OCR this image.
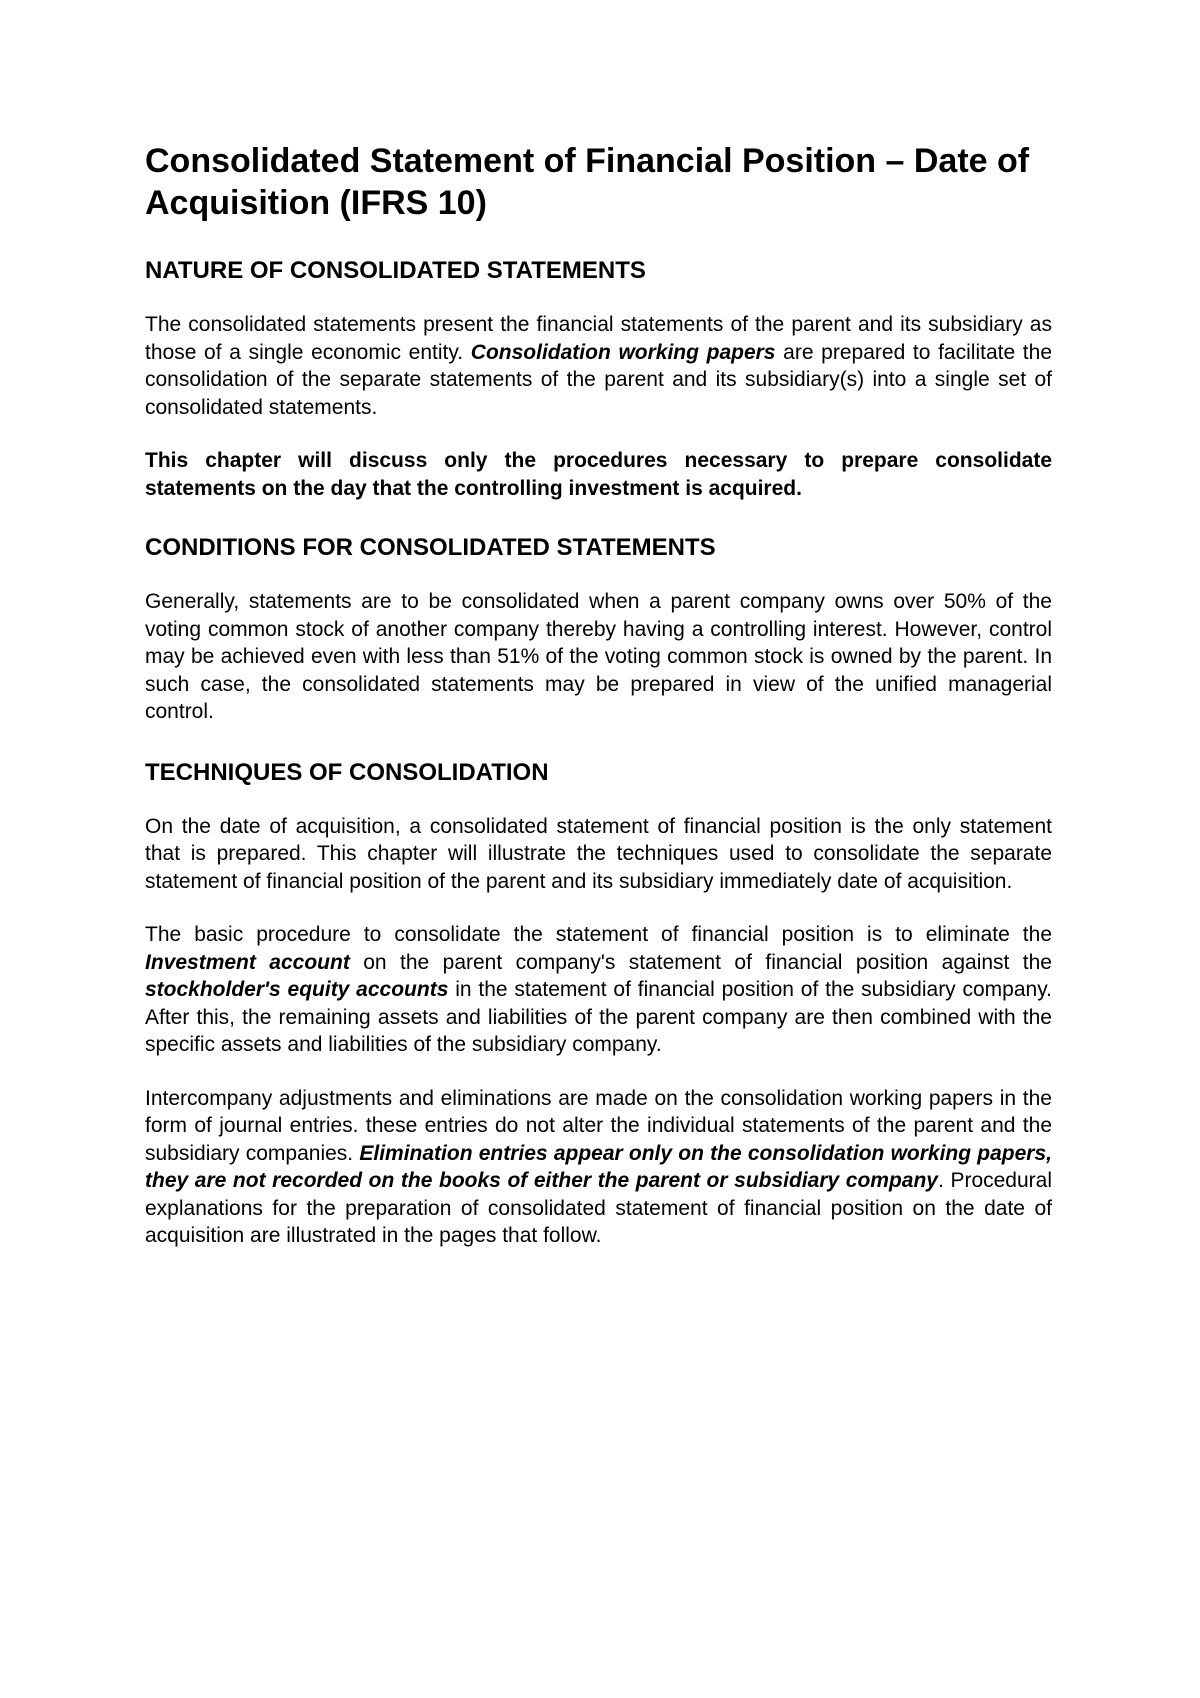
Consolidated Statement of Financial Position – Date of Acquisition (IFRS 10)
NATURE OF CONSOLIDATED STATEMENTS

The consolidated statements present the financial statements of the parent and its subsidiary as those of a single economic entity. Consolidation working papers are prepared to facilitate the consolidation of the separate statements of the parent and its subsidiary(s) into a single set of consolidated statements.

This chapter will discuss only the procedures necessary to prepare consolidate statements on the day that the controlling investment is acquired.

CONDITIONS FOR CONSOLIDATED STATEMENTS

Generally, statements are to be consolidated when a parent company owns over 50% of the voting common stock of another company thereby having a controlling interest. However, control may be achieved even with less than 51% of the voting common stock is owned by the parent. In such case, the consolidated statements may be prepared in view of the unified managerial control.

TECHNIQUES OF CONSOLIDATION

On the date of acquisition, a consolidated statement of financial position is the only statement that is prepared. This chapter will illustrate the techniques used to consolidate the separate statement of financial position of the parent and its subsidiary immediately date of acquisition.

The basic procedure to consolidate the statement of financial position is to eliminate the Investment account on the parent company's statement of financial position against the stockholder's equity accounts in the statement of financial position of the subsidiary company. After this, the remaining assets and liabilities of the parent company are then combined with the specific assets and liabilities of the subsidiary company.

Intercompany adjustments and eliminations are made on the consolidation working papers in the form of journal entries. these entries do not alter the individual statements of the parent and the subsidiary companies. Elimination entries appear only on the consolidation working papers, they are not recorded on the books of either the parent or subsidiary company. Procedural explanations for the preparation of consolidated statement of financial position on the date of acquisition are illustrated in the pages that follow.
